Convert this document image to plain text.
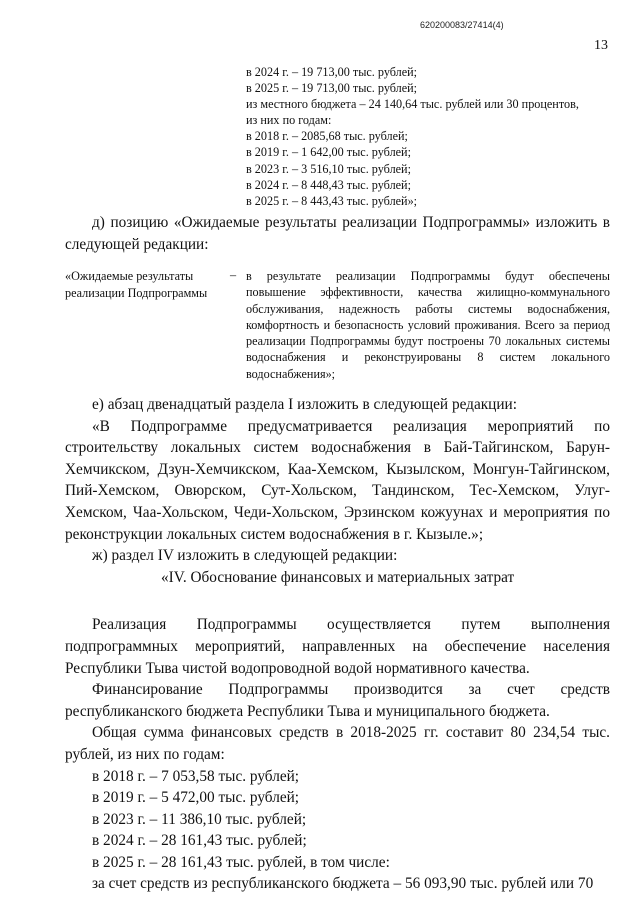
620200083/27414(4)
13
в 2024 г. – 19 713,00 тыс. рублей;
в 2025 г. – 19 713,00 тыс. рублей;
из местного бюджета – 24 140,64 тыс. рублей или 30 процентов,
из них по годам:
в 2018 г. – 2085,68 тыс. рублей;
в 2019 г. – 1 642,00 тыс. рублей;
в 2023 г. – 3 516,10 тыс. рублей;
в 2024 г. – 8 448,43 тыс. рублей;
в 2025 г. – 8 443,43 тыс. рублей»;

д) позицию «Ожидаемые результаты реализации Подпрограммы» изложить в следующей редакции:

«Ожидаемые результаты реализации Подпрограммы
– в результате реализации Подпрограммы будут обеспечены повышение эффективности, качества жилищно-коммунального обслуживания, надежность работы системы водоснабжения, комфортность и безопасность условий проживания. Всего за период реализации Подпрограммы будут построены 70 локальных системы водоснабжения и реконструированы 8 систем локального водоснабжения»;

е) абзац двенадцатый раздела I изложить в следующей редакции:

«В Подпрограмме предусматривается реализация мероприятий по строительству локальных систем водоснабжения в Бай-Тайгинском, Барун-Хемчикском, Дзун-Хемчикском, Каа-Хемском, Кызылском, Монгун-Тайгинском, Пий-Хемском, Овюрском, Сут-Хольском, Тандинском, Тес-Хемском, Улуг-Хемском, Чаа-Хольском, Чеди-Хольском, Эрзинском кожуунах и мероприятия по реконструкции локальных систем водоснабжения в г. Кызыле.»;

ж) раздел IV изложить в следующей редакции:

«IV. Обоснование финансовых и материальных затрат

Реализация Подпрограммы осуществляется путем выполнения подпрограммных мероприятий, направленных на обеспечение населения Республики Тыва чистой водопроводной водой нормативного качества.

Финансирование Подпрограммы производится за счет средств республиканского бюджета Республики Тыва и муниципального бюджета.

Общая сумма финансовых средств в 2018-2025 гг. составит 80 234,54 тыс. рублей, из них по годам:

в 2018 г. – 7 053,58 тыс. рублей;

в 2019 г. – 5 472,00 тыс. рублей;

в 2023 г. – 11 386,10 тыс. рублей;

в 2024 г. – 28 161,43 тыс. рублей;

в 2025 г. – 28 161,43 тыс. рублей, в том числе:

за счет средств из республиканского бюджета – 56 093,90 тыс. рублей или 70
